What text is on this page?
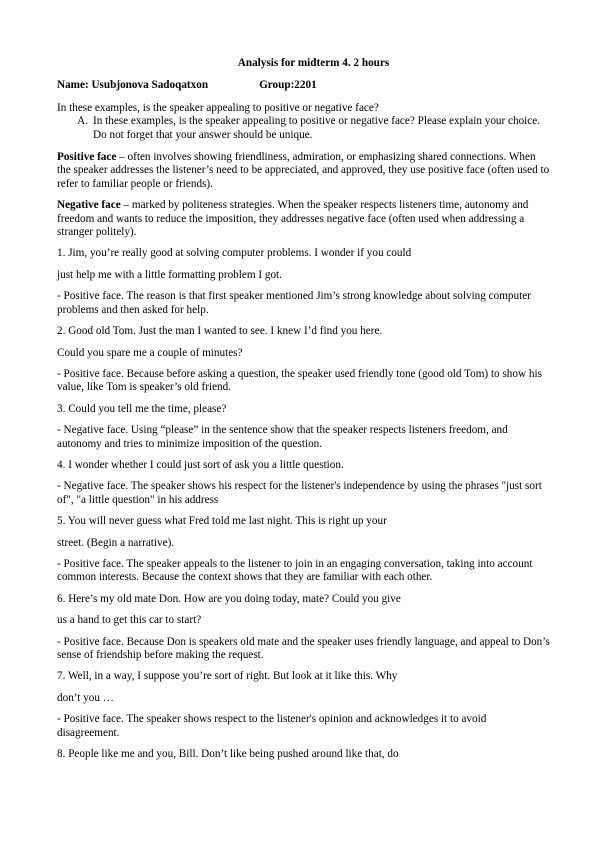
Analysis for midterm 4. 2 hours
Name: Usubjonova Sadoqatxon	Group:2201

In these examples, is the speaker appealing to positive or negative face?

A. In these examples, is the speaker appealing to positive or negative face? Please explain your choice. Do not forget that your answer should be unique.

Positive face – often involves showing friendliness, admiration, or emphasizing shared connections. When the speaker addresses the listener’s need to be appreciated, and approved, they use positive face (often used to refer to familiar people or friends).

Negative face – marked by politeness strategies. When the speaker respects listeners time, autonomy and freedom and wants to reduce the imposition, they addresses negative face (often used when addressing a stranger politely).

1. Jim, you’re really good at solving computer problems. I wonder if you could

just help me with a little formatting problem I got.

- Positive face. The reason is that first speaker mentioned Jim’s strong knowledge about solving computer problems and then asked for help.

2. Good old Tom. Just the man I wanted to see. I knew I’d find you here.

Could you spare me a couple of minutes?

- Positive face. Because before asking a question, the speaker used friendly tone (good old Tom) to show his value, like Tom is speaker’s old friend.

3. Could you tell me the time, please?

- Negative face. Using “please” in the sentence show that the speaker respects listeners freedom, and autonomy and tries to minimize imposition of the question.

4. I wonder whether I could just sort of ask you a little question.

- Negative face. The speaker shows his respect for the listener's independence by using the phrases "just sort of", "a little question" in his address

5. You will never guess what Fred told me last night. This is right up your

street. (Begin a narrative).

- Positive face. The speaker appeals to the listener to join in an engaging conversation, taking into account common interests. Because the context shows that they are familiar with each other.

6. Here’s my old mate Don. How are you doing today, mate? Could you give

us a hand to get this car to start?

- Positive face. Because Don is speakers old mate and the speaker uses friendly language, and appeal to Don’s sense of friendship before making the request.

7. Well, in a way, I suppose you’re sort of right. But look at it like this. Why

don’t you …

- Positive face. The speaker shows respect to the listener's opinion and acknowledges it to avoid disagreement.

8. People like me and you, Bill. Don’t like being pushed around like that, do
